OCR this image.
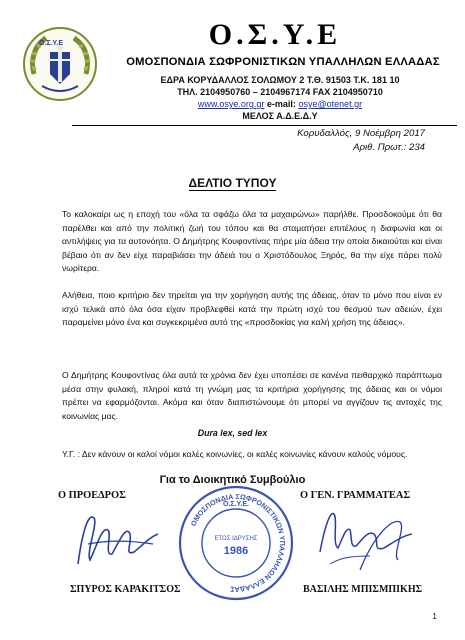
Ο.Σ.Υ.Ε	Ο.Σ.Υ.Ε
ΟΜΟΣΠΟΝΔΙΑ ΣΩΦΡΟΝΙΣΤΙΚΩΝ ΥΠΑΛΛΗΛΩΝ ΕΛΛΑΔΑΣ
ΕΔΡΑ ΚΟΡΥΔΑΛΛΟΣ ΣΟΛΩΜΟΥ 2 Τ.Θ. 91503 Τ.Κ. 181 10
ΤΗΛ. 2104950760 – 2104967174 FAX 2104950710
www.osye.org.gr e-mail: osye@otenet.gr
ΜΕΛΟΣ Α.Δ.Ε.Δ.Υ
Κορυδαλλός, 9 Νοέμβρη 2017
Αριθ. Πρωτ.: 234
ΔΕΛΤΙΟ ΤΥΠΟΥ

Το καλοκαίρι ως η εποχή του «όλα τα σφάζω όλα τα μαχαιρώνω» παρήλθε. Προσδοκούμε ότι θα παρέλθει και από την πολιτική ζωή του τόπου και θα σταματήσει επιτέλους η διαφωνία και οι αντιλήψεις για τα αυτονόητα. Ο Δημήτρης Κουφοντίνας πήρε μία άδεια την οποία δικαιούται και είναι βέβαιο ότι αν δεν είχε παραβιάσει την άδειά του ο Χριστόδουλος Ξηρός, θα την είχε πάρει πολύ νωρίτερα.

Αλήθεια, ποιο κριτήριο δεν τηρείται για την χορήγηση αυτής της άδειας, όταν το μόνο που είναι εν ισχύ τελικά από όλα όσα είχαν προβλεφθεί κατά την πρώτη ισχύ του θεσμού των αδειών, έχει παραμείνει μόνο ένα και συγκεκριμένα αυτό της «προσδοκίας για καλή χρήση της άδειας».

Ο Δημήτρης Κουφοντίνας όλα αυτά τα χρόνια δεν έχει υποπέσει σε κανένα πειθαρχικό παράπτωμα μέσα στην φυλακή, πληροί κατά τη γνώμη μας τα κριτήρια χορήγησης της άδειας και οι νόμοι πρέπει να εφαρμόζονται. Ακόμα και όταν διαπιστώνουμε ότι μπορεί να αγγίζουν τις αντοχές της κοινωνίας μας.

Dura lex, sed lex
Υ.Γ. : Δεν κάνουν οι καλοί νόμοι καλές κοινωνίες, οι καλές κοινωνίες κάνουν καλούς νόμους.
Για το Διοικητικό Συμβούλιο
Ο ΠΡΟΕΔΡΟΣ	Ο ΓΕΝ. ΓΡΑΜΜΑΤΕΑΣ
ΟΜΟΣΠΟΝΔΙΑ ΣΩΦΡΟΝΙΣΤΙΚΩΝ ΥΠΑΛΛΗΛΩΝ ΕΛΛΑΔΑΣ
Ο.Σ.Υ.Ε.
ΕΤΟΣ ΙΔΡΥΣΗΣ
1986
ΣΠΥΡΟΣ ΚΑΡΑΚΙΤΣΟΣ	ΒΑΣΙΛΗΣ ΜΠΙΣΜΠΙΚΗΣ
1
